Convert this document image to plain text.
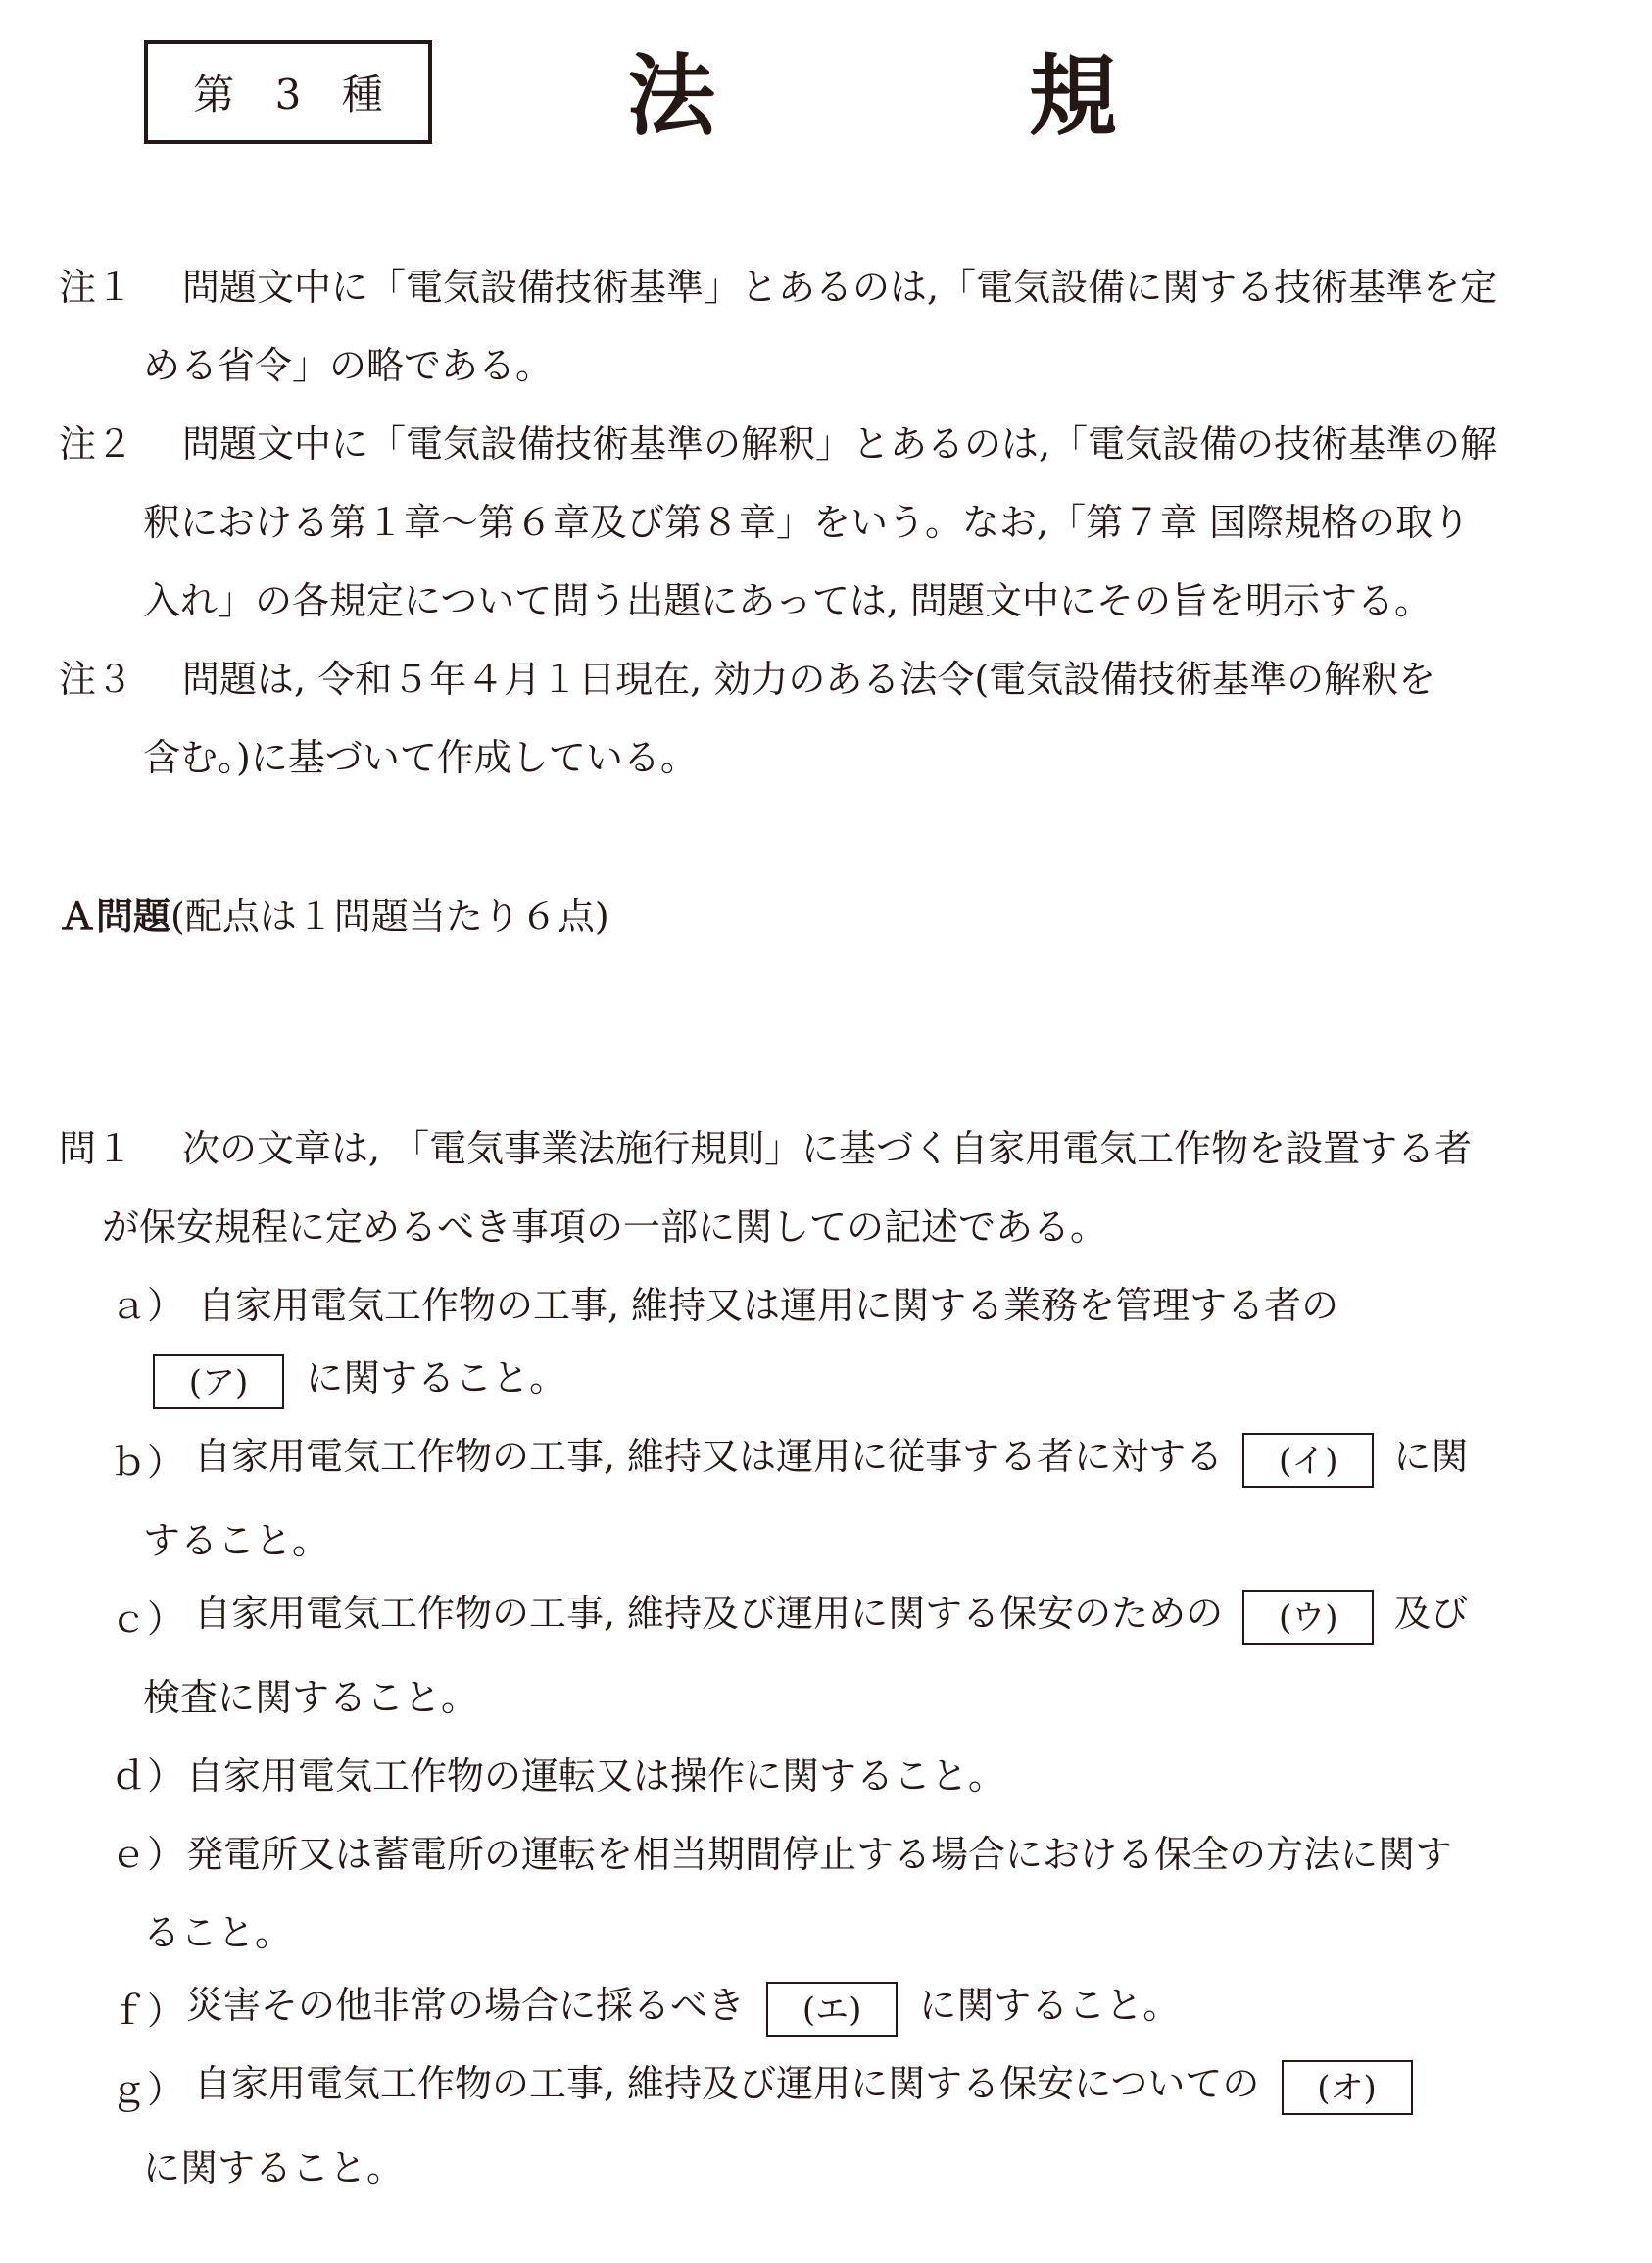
第 3 種	法	規
注１ 問題文中に「電気設備技術基準」とあるのは,「電気設備に関する技術基準を定
める省令」の略である。
注２ 問題文中に「電気設備技術基準の解釈」とあるのは,「電気設備の技術基準の解
釈における第１章～第６章及び第８章」をいう。なお,「第７章 国際規格の取り
入れ」の各規定について問う出題にあっては, 問題文中にその旨を明示する。
注３ 問題は, 令和５年４月１日現在, 効力のある法令(電気設備技術基準の解釈を
含む。)に基づいて作成している。
Ａ問題(配点は１問題当たり６点)
問１ 次の文章は, 「電気事業法施行規則」に基づく自家用電気工作物を設置する者
が保安規程に定めるべき事項の一部に関しての記述である。
ａ） 自家用電気工作物の工事, 維持又は運用に関する業務を管理する者の
(ア) に関すること。
ｂ） 自家用電気工作物の工事, 維持又は運用に従事する者に対する (イ) に関
すること。
ｃ） 自家用電気工作物の工事, 維持及び運用に関する保安のための (ウ) 及び
検査に関すること。
ｄ） 自家用電気工作物の運転又は操作に関すること。
ｅ） 発電所又は蓄電所の運転を相当期間停止する場合における保全の方法に関す
ること。
ｆ） 災害その他非常の場合に採るべき (エ) に関すること。
ｇ） 自家用電気工作物の工事, 維持及び運用に関する保安についての (オ)
に関すること。
